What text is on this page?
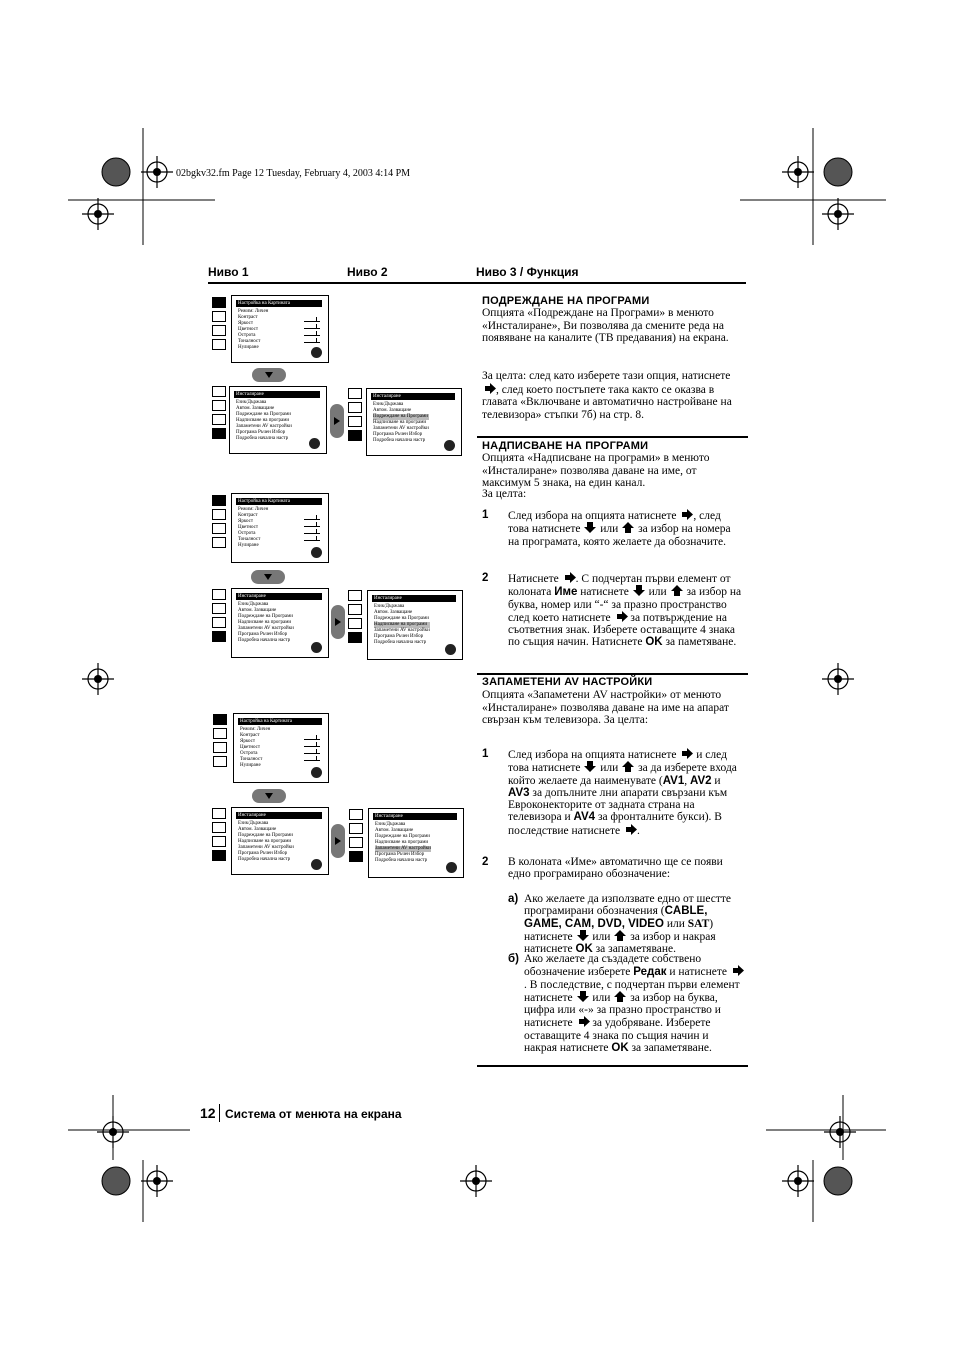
02bgkv32.fm Page 12 Tuesday, February 4, 2003 4:14 PM
Ниво 1	Ниво 2	Ниво 3 / Функция
Настройка на Картината
Режим: Личен
Контраст
Яркост
Цветност
Острота
Тоналност
Нулиране
Инсталиране
Език/Държава
Автом. Зазващане
Подреждане на Програми
Надписване на програми
Запаметени AV настройки
Програма Ръчен Избор
Подробна начална настр
Инсталиране
Език/Държава
Автом. Зазващане
Подреждане на Програми
Надписване на програми
Запаметени AV настройки
Програма Ръчен Избор
Подробна начална настр
Настройка на Картината
Режим: Личен
Контраст
Яркост
Цветност
Острота
Тоналност
Нулиране
Инсталиране
Език/Държава
Автом. Зазващане
Подреждане на Програми
Надписване на програми
Запаметени AV настройки
Програма Ръчен Избор
Подробна начална настр
Инсталиране
Език/Държава
Автом. Зазващане
Подреждане на Програми
Надписване на програми
Запаметени AV настройки
Програма Ръчен Избор
Подробна начална настр
Настройка на Картината
Режим: Личен
Контраст
Яркост
Цветност
Острота
Тоналност
Нулиране
Инсталиране
Език/Държава
Автом. Зазващане
Подреждане на Програми
Надписване на програми
Запаметени AV настройки
Програма Ръчен Избор
Подробна начална настр
Инсталиране
Език/Държава
Автом. Зазващане
Подреждане на Програми
Надписване на програми
Запаметени AV настройки
Програма Ръчен Избор
Подробна начална настр
ПОДРЕЖДАНЕ НА ПРОГРАМИ
Опцията «Подреждане на Програми» в менюто «Инсталиране», Ви позволява да смените реда на появяване на каналите (ТВ предавания) на екрана.
За целта: след като изберете тази опция, натиснете , след което постъпете така както се оказва в главата «Включване и автоматично настройване на телевизора» стъпки 7б) на стр. 8.
НАДПИСВАНЕ НА ПРОГРАМИ
Опцията «Надписване на програми» в менюто «Инсталиране» позволява даване на име, от максимум 5 знака, на един канал.
За целта:
1 След избора на опцията натиснете , след това натиснете или за избор на номера на програмата, която желаете да обозначите.
2 Натиснете . С подчертан първи елемент от колоната Име натиснете или за избор на буква, номер или “-“ за празно пространство след което натиснете за потвърждение на съответния знак. Изберете оставащите 4 знака по същия начин. Натиснете OK за паметяване.
ЗАПАМЕТЕНИ AV НАСТРОЙКИ
Опцията «Запаметени AV настройки» от менюто «Инсталиране» позволява даване на име на апарат свързан към телевизора. За целта:
1 След избора на опцията натиснете и след това натиснете или за да изберете входа който желаете да наименувате (AV1, AV2 и AV3 за допълните лни апарати свързани към Евроконекторите от задната страна на телевизора и AV4 за фронталните букси). В последствие натиснете .
2 В колоната «Име» автоматично ще се появи едно програмирано обозначение:
a) Ако желаете да използвате едно от шестте програмирани обозначения (CABLE, GAME, CAM, DVD, VIDEO или SAT) натиснете или за избор и накрая натиснете OK за запаметяване.
б) Ако желаете да създадете собствено обозначение изберете Редак и натиснете . В последствие, с подчертан първи елемент натиснете или за избор на буква, цифра или «-» за празно пространство и натиснете за удобряване. Изберете оставащите 4 знака по същия начин и накрая натиснете OK за запаметяване.
12 Система от менюта на екрана
